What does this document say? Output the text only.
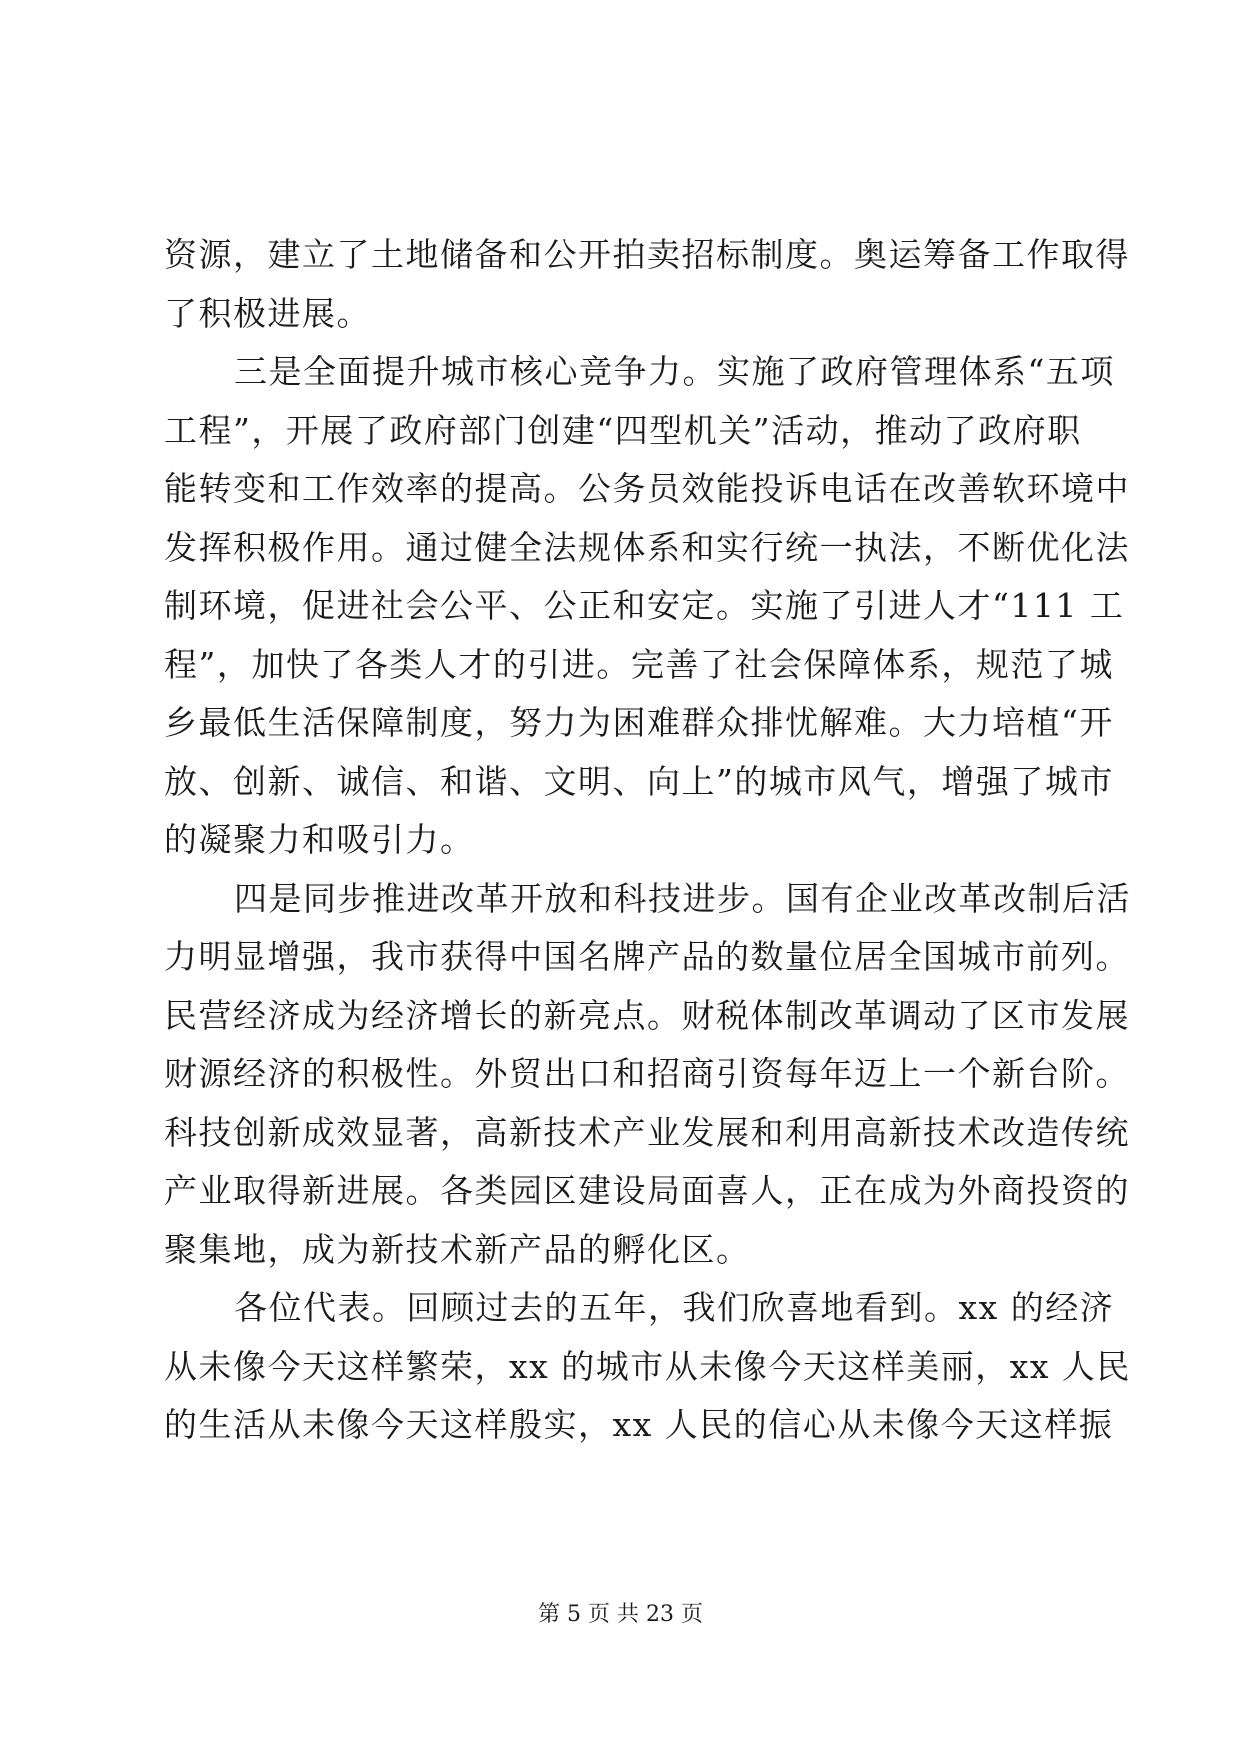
资源，建立了土地储备和公开拍卖招标制度。奥运筹备工作取得
了积极进展。
三是全面提升城市核心竞争力。实施了政府管理体系“五项
工程”，开展了政府部门创建“四型机关”活动，推动了政府职
能转变和工作效率的提高。公务员效能投诉电话在改善软环境中
发挥积极作用。通过健全法规体系和实行统一执法，不断优化法
制环境，促进社会公平、公正和安定。实施了引进人才“111 工
程”，加快了各类人才的引进。完善了社会保障体系，规范了城
乡最低生活保障制度，努力为困难群众排忧解难。大力培植“开
放、创新、诚信、和谐、文明、向上”的城市风气，增强了城市
的凝聚力和吸引力。
四是同步推进改革开放和科技进步。国有企业改革改制后活
力明显增强，我市获得中国名牌产品的数量位居全国城市前列。
民营经济成为经济增长的新亮点。财税体制改革调动了区市发展
财源经济的积极性。外贸出口和招商引资每年迈上一个新台阶。
科技创新成效显著，高新技术产业发展和利用高新技术改造传统
产业取得新进展。各类园区建设局面喜人，正在成为外商投资的
聚集地，成为新技术新产品的孵化区。
各位代表。回顾过去的五年，我们欣喜地看到。xx 的经济
从未像今天这样繁荣，xx 的城市从未像今天这样美丽，xx 人民
的生活从未像今天这样殷实，xx 人民的信心从未像今天这样振
第 5 页 共 23 页
